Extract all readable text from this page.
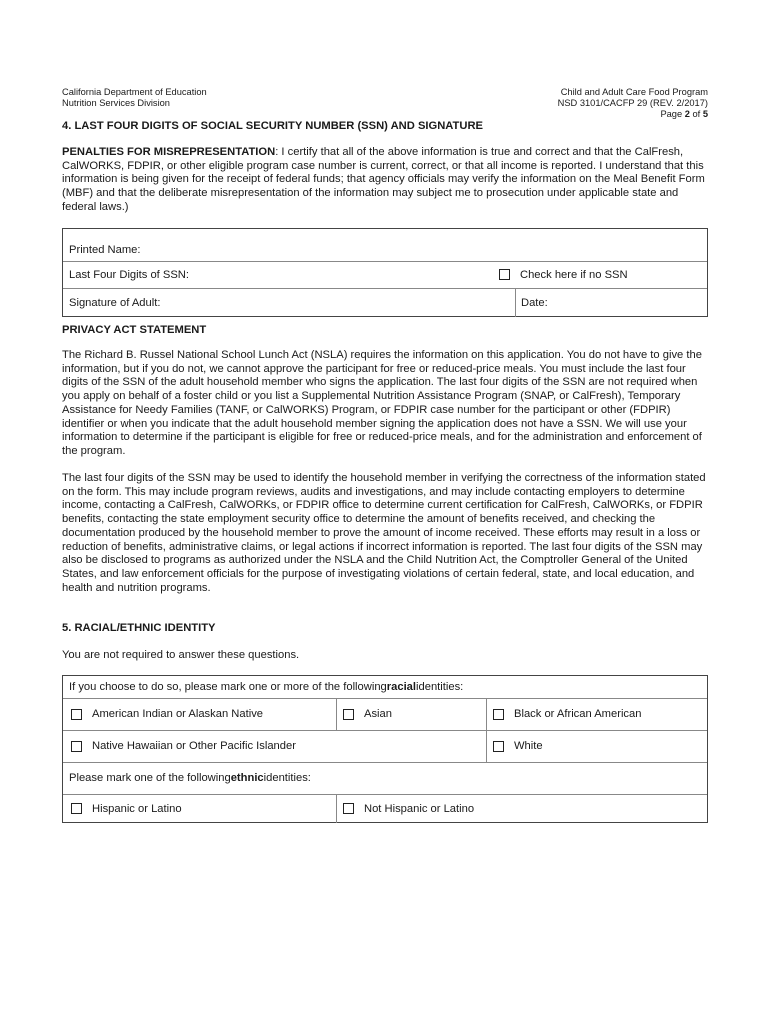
California Department of Education
Nutrition Services Division
Child and Adult Care Food Program
NSD 3101/CACFP 29 (REV. 2/2017)
Page 2 of 5
4. LAST FOUR DIGITS OF SOCIAL SECURITY NUMBER (SSN) AND SIGNATURE
PENALTIES FOR MISREPRESENTATION: I certify that all of the above information is true and correct and that the CalFresh, CalWORKS, FDPIR, or other eligible program case number is current, correct, or that all income is reported. I understand that this information is being given for the receipt of federal funds; that agency officials may verify the information on the Meal Benefit Form (MBF) and that the deliberate misrepresentation of the information may subject me to prosecution under applicable state and federal laws.)
Printed Name:
Last Four Digits of SSN:	Check here if no SSN
Signature of Adult:	Date:
PRIVACY ACT STATEMENT
The Richard B. Russel National School Lunch Act (NSLA) requires the information on this application. You do not have to give the information, but if you do not, we cannot approve the participant for free or reduced-price meals. You must include the last four digits of the SSN of the adult household member who signs the application. The last four digits of the SSN are not required when you apply on behalf of a foster child or you list a Supplemental Nutrition Assistance Program (SNAP, or CalFresh), Temporary Assistance for Needy Families (TANF, or CalWORKS) Program, or FDPIR case number for the participant or other (FDPIR) identifier or when you indicate that the adult household member signing the application does not have a SSN. We will use your information to determine if the participant is eligible for free or reduced-price meals, and for the administration and enforcement of the program.
The last four digits of the SSN may be used to identify the household member in verifying the correctness of the information stated on the form. This may include program reviews, audits and investigations, and may include contacting employers to determine income, contacting a CalFresh, CalWORKs, or FDPIR office to determine current certification for CalFresh, CalWORKs, or FDPIR benefits, contacting the state employment security office to determine the amount of benefits received, and checking the documentation produced by the household member to prove the amount of income received. These efforts may result in a loss or reduction of benefits, administrative claims, or legal actions if incorrect information is reported. The last four digits of the SSN may also be disclosed to programs as authorized under the NSLA and the Child Nutrition Act, the Comptroller General of the United States, and law enforcement officials for the purpose of investigating violations of certain federal, state, and local education, and health and nutrition programs.
5. RACIAL/ETHNIC IDENTITY
You are not required to answer these questions.
If you choose to do so, please mark one or more of the following racial identities:
American Indian or Alaskan Native	Asian	Black or African American
Native Hawaiian or Other Pacific Islander	White
Please mark one of the following ethnic identities:
Hispanic or Latino	Not Hispanic or Latino
